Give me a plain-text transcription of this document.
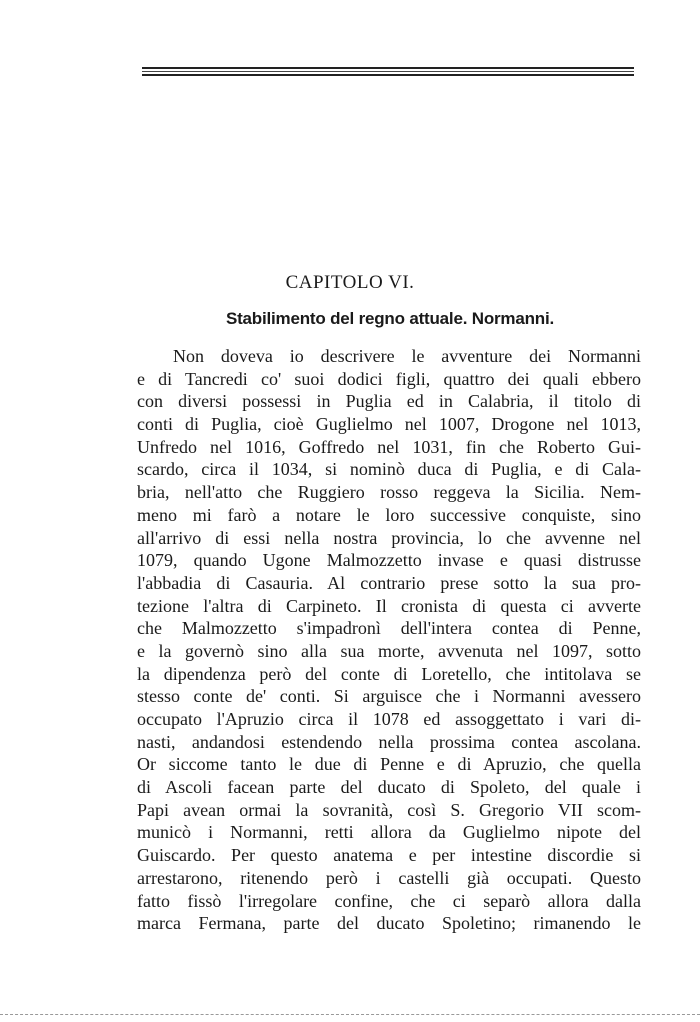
CAPITOLO VI.
Stabilimento del regno attuale. Normanni.
Non doveva io descrivere le avventure dei Normanni
e di Tancredi co' suoi dodici figli, quattro dei quali ebbero
con diversi possessi in Puglia ed in Calabria, il titolo di
conti di Puglia, cioè Guglielmo nel 1007, Drogone nel 1013,
Unfredo nel 1016, Goffredo nel 1031, fin che Roberto Gui-
scardo, circa il 1034, si nominò duca di Puglia, e di Cala-
bria, nell'atto che Ruggiero rosso reggeva la Sicilia. Nem-
meno mi farò a notare le loro successive conquiste, sino
all'arrivo di essi nella nostra provincia, lo che avvenne nel
1079, quando Ugone Malmozzetto invase e quasi distrusse
l'abbadia di Casauria. Al contrario prese sotto la sua pro-
tezione l'altra di Carpineto. Il cronista di questa ci avverte
che Malmozzetto s'impadronì dell'intera contea di Penne,
e la governò sino alla sua morte, avvenuta nel 1097, sotto
la dipendenza però del conte di Loretello, che intitolava se
stesso conte de' conti. Si arguisce che i Normanni avessero
occupato l'Apruzio circa il 1078 ed assoggettato i vari di-
nasti, andandosi estendendo nella prossima contea ascolana.
Or siccome tanto le due di Penne e di Apruzio, che quella
di Ascoli facean parte del ducato di Spoleto, del quale i
Papi avean ormai la sovranità, così S. Gregorio VII scom-
municò i Normanni, retti allora da Guglielmo nipote del
Guiscardo. Per questo anatema e per intestine discordie si
arrestarono, ritenendo però i castelli già occupati. Questo
fatto fissò l'irregolare confine, che ci separò allora dalla
marca Fermana, parte del ducato Spoletino; rimanendo le
